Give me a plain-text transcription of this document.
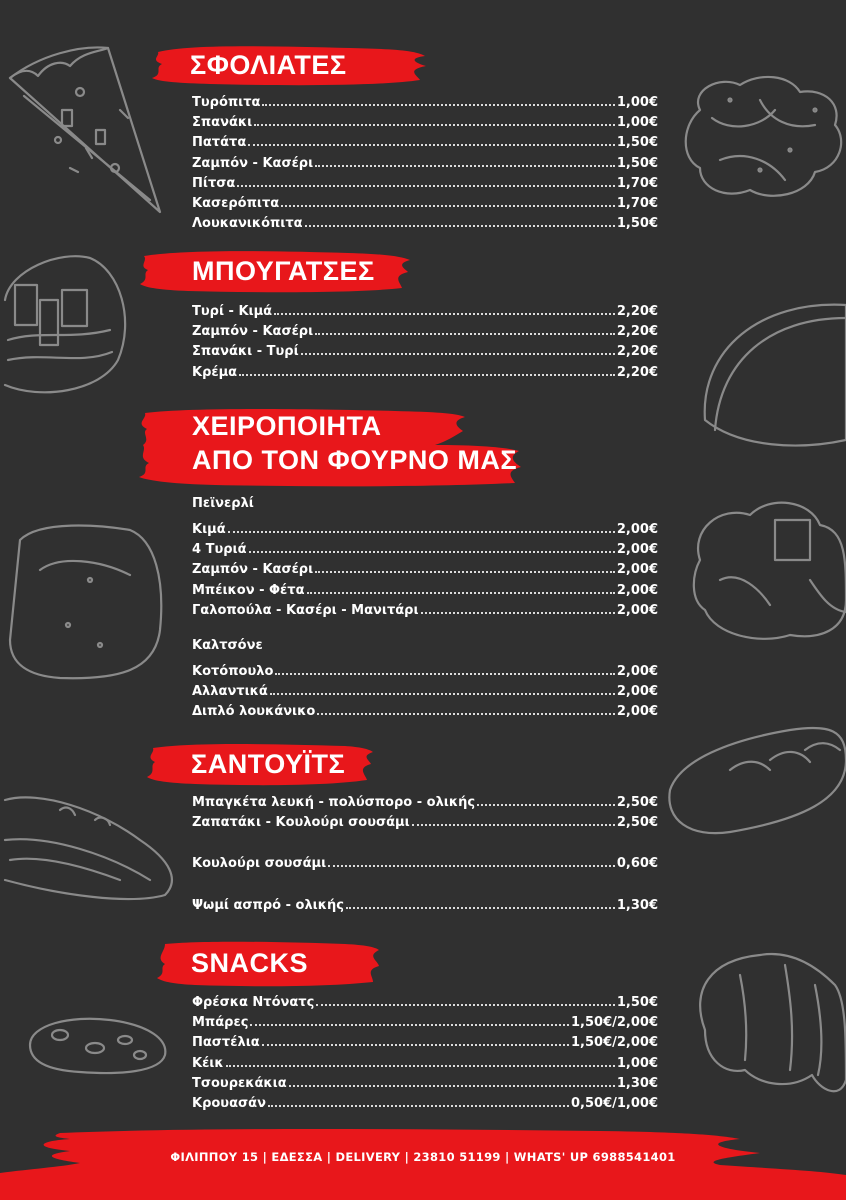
ΣΦΟΛΙΑΤΕΣ
Τυρόπιτα	1,00€
Σπανάκι	1,00€
Πατάτα	1,50€
Ζαμπόν - Κασέρι	1,50€
Πίτσα	1,70€
Κασερόπιτα	1,70€
Λουκανικόπιτα	1,50€
ΜΠΟΥΓΑΤΣΕΣ
Τυρί - Κιμά	2,20€
Ζαμπόν - Κασέρι	2,20€
Σπανάκι - Τυρί	2,20€
Κρέμα	2,20€
ΧΕΙΡΟΠΟΙΗΤΑ
ΑΠΟ ΤΟΝ ΦΟΥΡΝΟ ΜΑΣ
Πεϊνερλί
Κιμά	2,00€
4 Τυριά	2,00€
Ζαμπόν - Κασέρι	2,00€
Μπέικον - Φέτα	2,00€
Γαλοπούλα - Κασέρι - Μανιτάρι	2,00€
Καλτσόνε
Κοτόπουλο	2,00€
Αλλαντικά	2,00€
Διπλό λουκάνικο	2,00€
ΣΑΝΤΟΥΪΤΣ
Μπαγκέτα λευκή - πολύσπορο - ολικής	2,50€
Ζαπατάκι - Κουλούρι σουσάμι	2,50€
Κουλούρι σουσάμι	0,60€
Ψωμί ασπρό - ολικής	1,30€
SNACKS
Φρέσκα Ντόνατς	1,50€
Μπάρες	1,50€/2,00€
Παστέλια	1,50€/2,00€
Κέικ	1,00€
Τσουρεκάκια	1,30€
Κρουασάν	0,50€/1,00€
ΦΙΛΙΠΠΟΥ 15 | ΕΔΕΣΣΑ | DELIVERY | 23810 51199 | WHATS' UP 6988541401
